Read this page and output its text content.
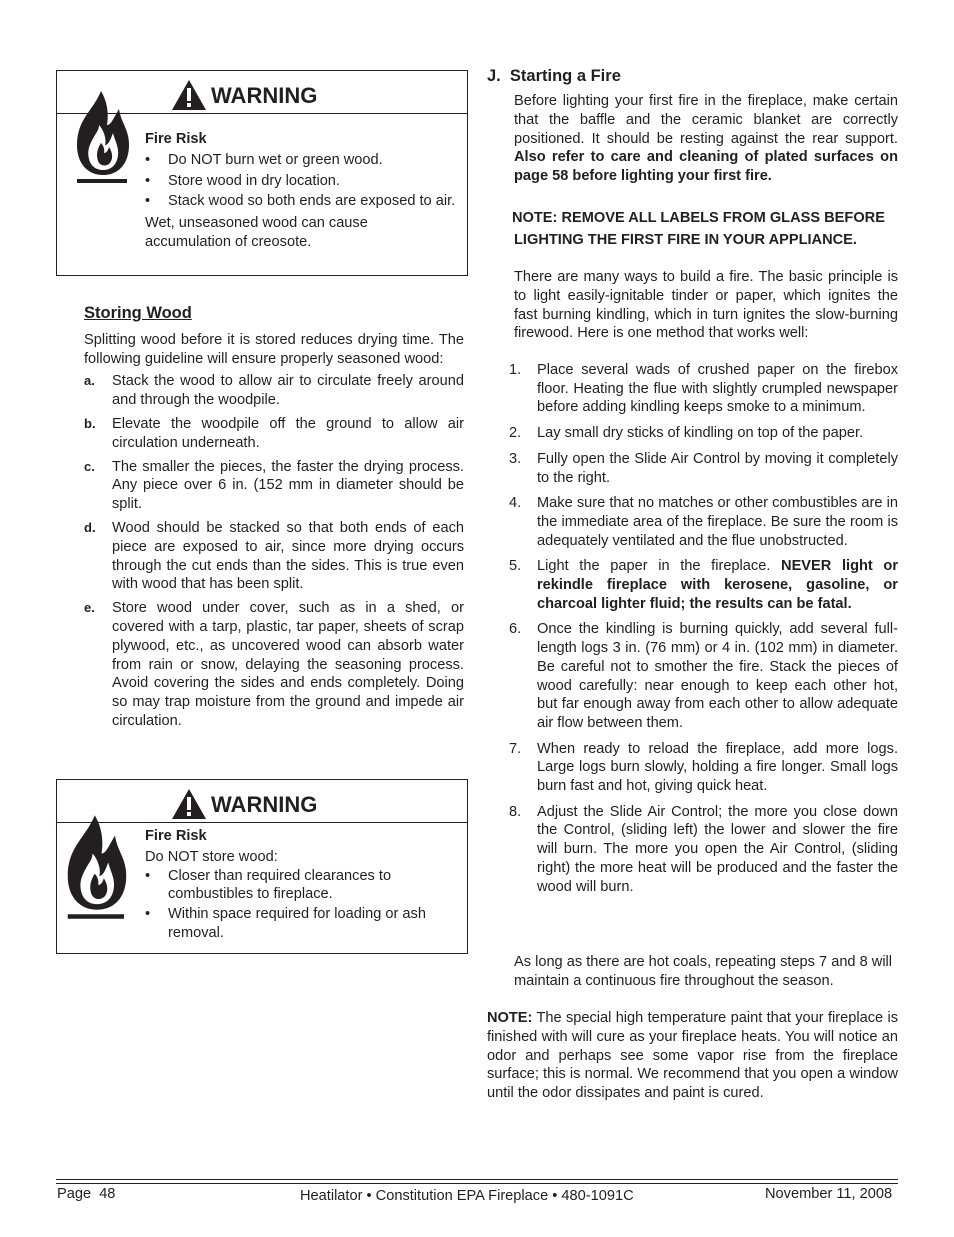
WARNING
Fire Risk
• Do NOT burn wet or green wood.
• Store wood in dry location.
• Stack wood so both ends are exposed to air.
Wet, unseasoned wood can cause accumulation of creosote.
Storing Wood
Splitting wood before it is stored reduces drying time. The following guideline will ensure properly seasoned wood:
a. Stack the wood to allow air to circulate freely around and through the woodpile.
b. Elevate the woodpile off the ground to allow air circulation underneath.
c. The smaller the pieces, the faster the drying process. Any piece over 6 in. (152 mm in diameter should be split.
d. Wood should be stacked so that both ends of each piece are exposed to air, since more drying occurs through the cut ends than the sides. This is true even with wood that has been split.
e. Store wood under cover, such as in a shed, or covered with a tarp, plastic, tar paper, sheets of scrap plywood, etc., as uncovered wood can absorb water from rain or snow, delaying the seasoning process. Avoid covering the sides and ends completely. Doing so may trap moisture from the ground and impede air circulation.
WARNING
Fire Risk
Do NOT store wood:
• Closer than required clearances to combustibles to fireplace.
• Within space required for loading or ash removal.
J.  Starting a Fire
Before lighting your first fire in the fireplace, make certain that the baffle and the ceramic blanket are correctly positioned. It should be resting against the rear support. Also refer to care and cleaning of plated surfaces on page 58 before lighting your first fire.
NOTE: REMOVE ALL LABELS FROM GLASS BEFORE
LIGHTING THE FIRST FIRE IN YOUR APPLIANCE.
There are many ways to build a fire. The basic principle is to light easily-ignitable tinder or paper, which ignites the fast burning kindling, which in turn ignites the slow-burning firewood. Here is one method that works well:
1. Place several wads of crushed paper on the firebox floor. Heating the flue with slightly crumpled newspaper before adding kindling keeps smoke to a minimum.
2. Lay small dry sticks of kindling on top of the paper.
3. Fully open the Slide Air Control by moving it completely to the right.
4. Make sure that no matches or other combustibles are in the immediate area of the fireplace. Be sure the room is adequately ventilated and the flue unobstructed.
5. Light the paper in the fireplace. NEVER light or rekindle fireplace with kerosene, gasoline, or charcoal lighter fluid; the results can be fatal.
6. Once the kindling is burning quickly, add several full-length logs 3 in. (76 mm) or 4 in. (102 mm) in diameter. Be careful not to smother the fire. Stack the pieces of wood carefully: near enough to keep each other hot, but far enough away from each other to allow adequate air flow between them.
7. When ready to reload the fireplace, add more logs. Large logs burn slowly, holding a fire longer. Small logs burn fast and hot, giving quick heat.
8. Adjust the Slide Air Control; the more you close down the Control, (sliding left) the lower and slower the fire will burn. The more you open the Air Control, (sliding right) the more heat will be produced and the faster the wood will burn.
As long as there are hot coals, repeating steps 7 and 8 will maintain a continuous fire throughout the season.
NOTE: The special high temperature paint that your fireplace is finished with will cure as your fireplace heats. You will notice an odor and perhaps see some vapor rise from the fireplace surface; this is normal. We recommend that you open a window until the odor dissipates and paint is cured.
Page  48	Heatilator • Constitution EPA Fireplace • 480-1091C	November 11, 2008
